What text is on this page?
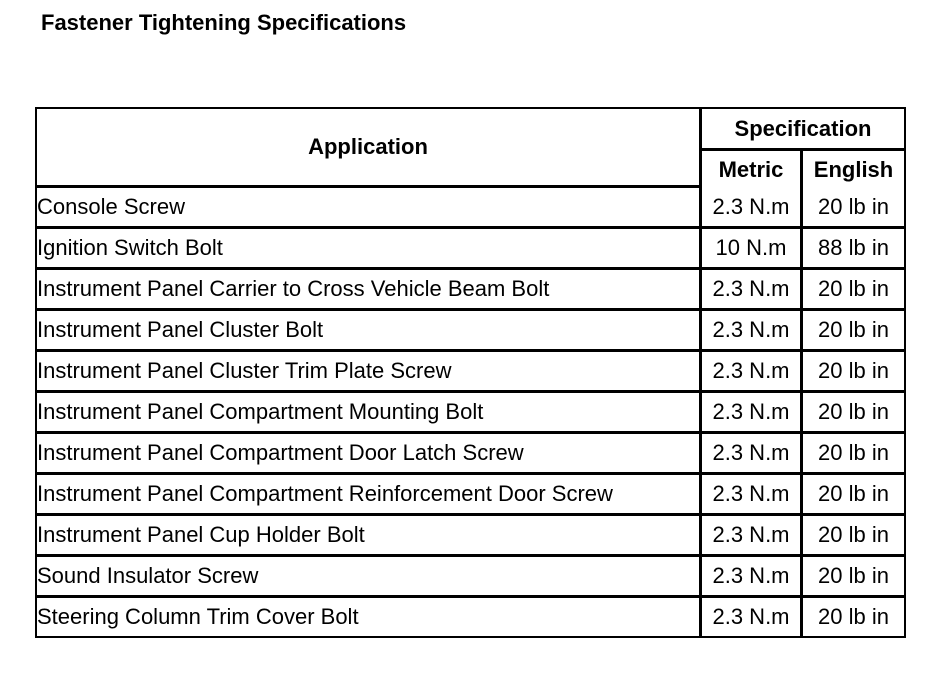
Fastener Tightening Specifications
Application	Specification	
	Metric	English
Console Screw	2.3 N.m	20 lb in
Ignition Switch Bolt	10 N.m	88 lb in
Instrument Panel Carrier to Cross Vehicle Beam Bolt	2.3 N.m	20 lb in
Instrument Panel Cluster Bolt	2.3 N.m	20 lb in
Instrument Panel Cluster Trim Plate Screw	2.3 N.m	20 lb in
Instrument Panel Compartment Mounting Bolt	2.3 N.m	20 lb in
Instrument Panel Compartment Door Latch Screw	2.3 N.m	20 lb in
Instrument Panel Compartment Reinforcement Door Screw	2.3 N.m	20 lb in
Instrument Panel Cup Holder Bolt	2.3 N.m	20 lb in
Sound Insulator Screw	2.3 N.m	20 lb in
Steering Column Trim Cover Bolt	2.3 N.m	20 lb in
